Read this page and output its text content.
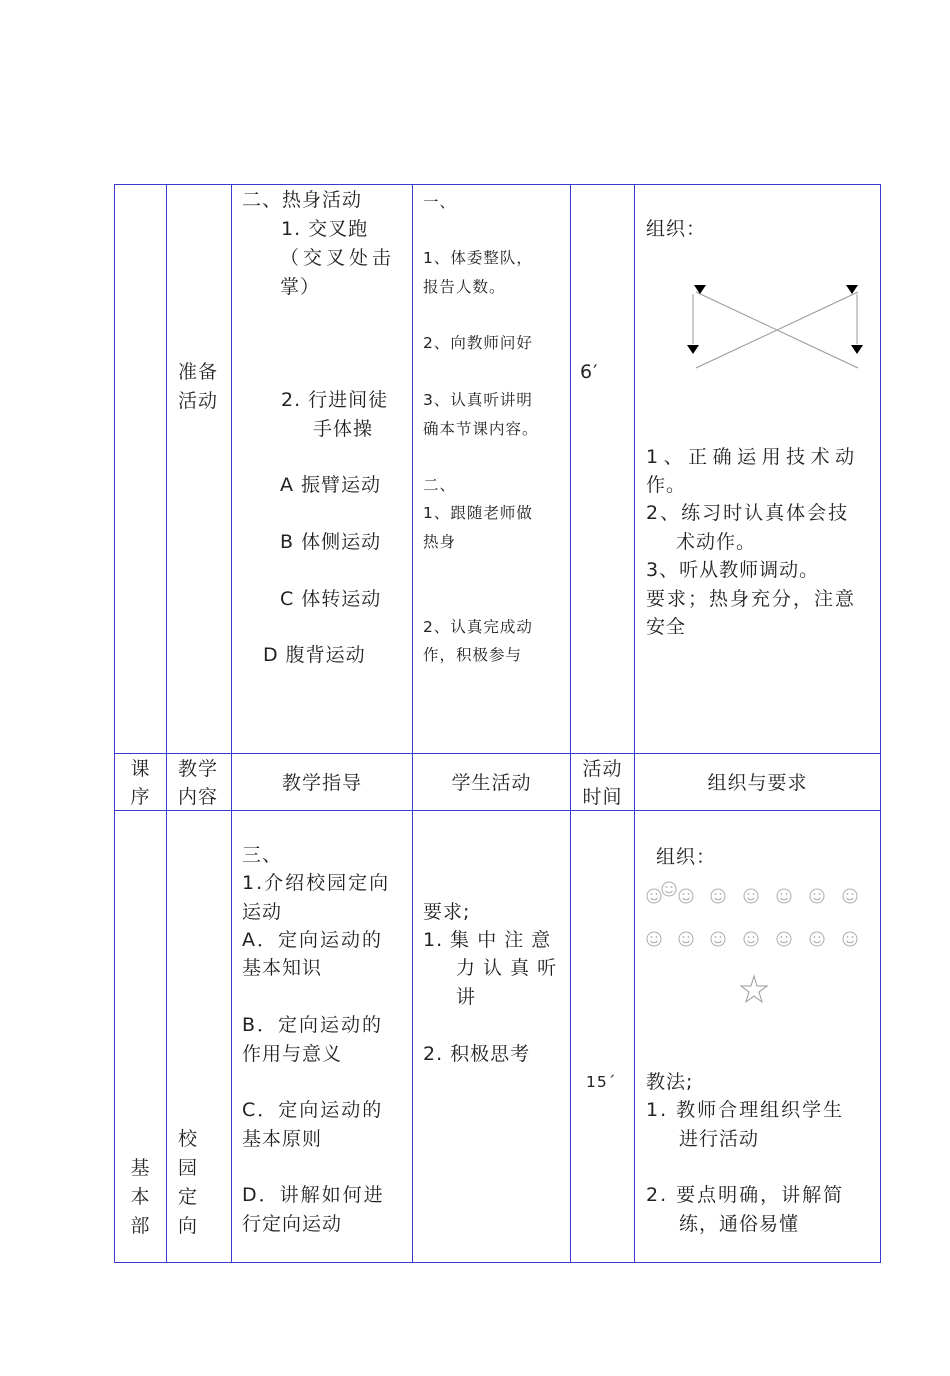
准备
活动
二、热身活动
1. 交叉跑
（交叉处击
掌）
2. 行进间徒
手体操
A 振臂运动
B 体侧运动
C 体转运动
D 腹背运动
一、
1、体委整队，
报告人数。
2、向教师问好
3、认真听讲明
确本节课内容。
二、
1、跟随老师做
热身
2、认真完成动
作，积极参与
6′
组织：
1、正确运用技术动
作。
2、练习时认真体会技
术动作。
3、听从教师调动。
要求；热身充分，注意
安全
课
序
教学
内容
教学指导	学生活动
活动
时间
组织与要求
基
本
部
校
园
定
向
三、
1.介绍校园定向
运动
A．定向运动的
基本知识
B．定向运动的
作用与意义
C．定向运动的
基本原则
D．讲解如何进
行定向运动
要求;
1. 集 中 注 意
力 认 真 听
讲
2. 积极思考
15´
组织：
教法;
1. 教师合理组织学生
进行活动
2. 要点明确，讲解简
练，通俗易懂
